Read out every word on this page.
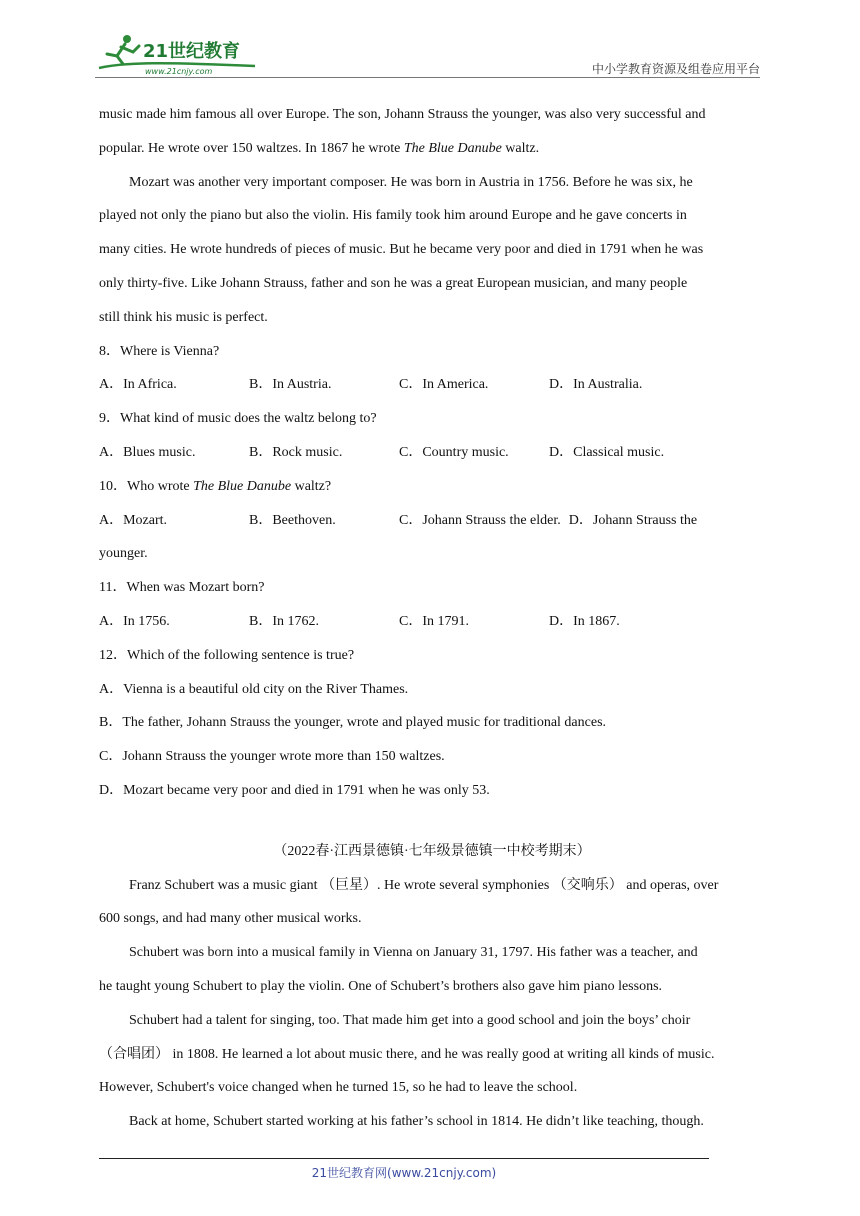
21世纪教育
www.21cnjy.com	中小学教育资源及组卷应用平台

music made him famous all over Europe. The son, Johann Strauss the younger, was also very successful and

popular. He wrote over 150 waltzes. In 1867 he wrote The Blue Danube waltz.

Mozart was another very important composer. He was born in Austria in 1756. Before he was six, he

played not only the piano but also the violin. His family took him around Europe and he gave concerts in

many cities. He wrote hundreds of pieces of music. But he became very poor and died in 1791 when he was

only thirty-five. Like Johann Strauss, father and son he was a great European musician, and many people

still think his music is perfect.

8．Where is Vienna?

A．In Africa.	B．In Austria.	C．In America.	D．In Australia.

9．What kind of music does the waltz belong to?

A．Blues music.	B．Rock music.	C．Country music.	D．Classical music.

10．Who wrote The Blue Danube waltz?

A．Mozart.	B．Beethoven.	C．Johann Strauss the elder. D．Johann Strauss the

younger.

11．When was Mozart born?

A．In 1756.	B．In 1762.	C．In 1791.	D．In 1867.

12．Which of the following sentence is true?

A．Vienna is a beautiful old city on the River Thames.

B．The father, Johann Strauss the younger, wrote and played music for traditional dances.

C．Johann Strauss the younger wrote more than 150 waltzes.

D．Mozart became very poor and died in 1791 when he was only 53.

（2022春·江西景德镇·七年级景德镇一中校考期末）

Franz Schubert was a music giant （巨星）. He wrote several symphonies （交响乐） and operas, over

600 songs, and had many other musical works.

Schubert was born into a musical family in Vienna on January 31, 1797. His father was a teacher, and

he taught young Schubert to play the violin. One of Schubert’s brothers also gave him piano lessons.

Schubert had a talent for singing, too. That made him get into a good school and join the boys’ choir

（合唱团） in 1808. He learned a lot about music there, and he was really good at writing all kinds of music.

However, Schubert's voice changed when he turned 15, so he had to leave the school.

Back at home, Schubert started working at his father’s school in 1814. He didn’t like teaching, though.

21世纪教育网(www.21cnjy.com)
